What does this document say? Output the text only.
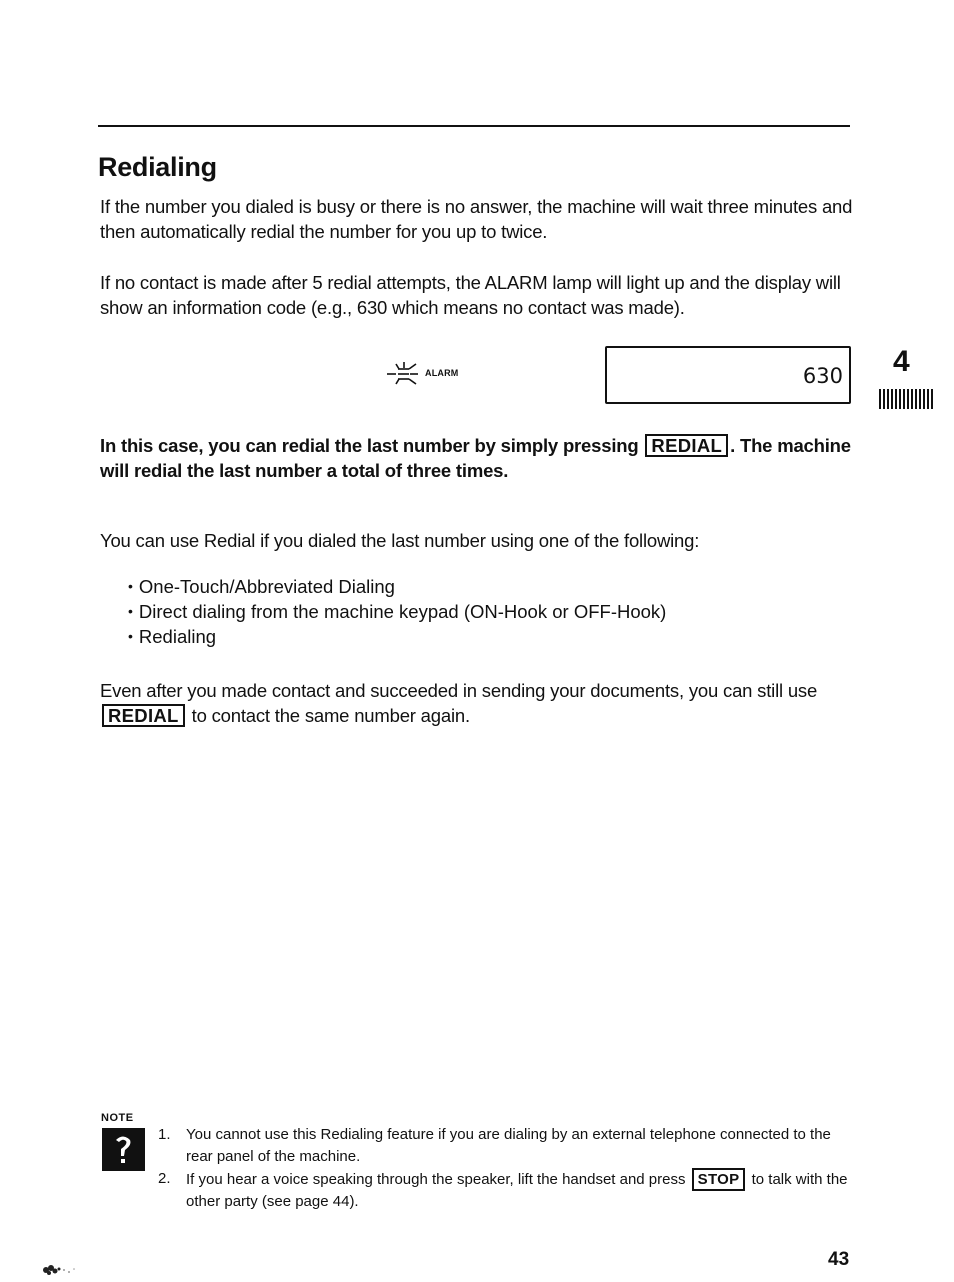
Redialing

If the number you dialed is busy or there is no answer, the machine will wait three minutes and then automatically redial the number for you up to twice.

If no contact is made after 5 redial attempts, the ALARM lamp will light up and the display will show an information code (e.g., 630 which means no contact was made).

ALARM	630 4

In this case, you can redial the last number by simply pressing REDIAL . The machine will redial the last number a total of three times.

You can use Redial if you dialed the last number using one of the following:

• One-Touch/Abbreviated Dialing
• Direct dialing from the machine keypad (ON-Hook or OFF-Hook)
• Redialing

Even after you made contact and succeeded in sending your documents, you can still use REDIAL to contact the same number again.

NOTE
1.	You cannot use this Redialing feature if you are dialing by an external telephone connected to the rear panel of the machine.
2.	If you hear a voice speaking through the speaker, lift the handset and press STOP to talk with the other party (see page 44).
43
